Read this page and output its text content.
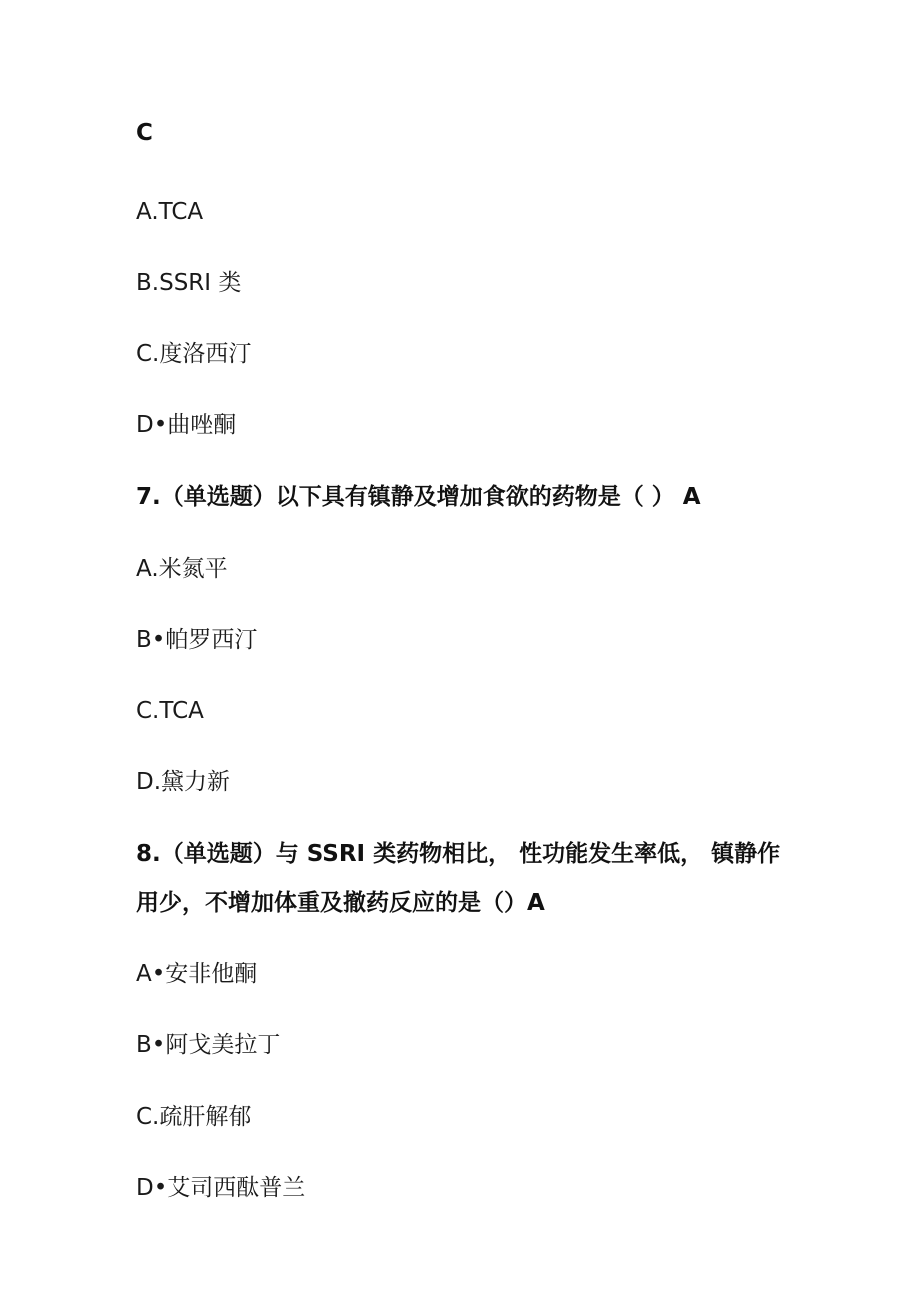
C
A.TCA
B.SSRI 类
C.度洛西汀
D•曲唑酮
7.（单选题）以下具有镇静及增加食欲的药物是（ ） A
A.米氮平
B•帕罗西汀
C.TCA
D.黛力新
8.（单选题）与 SSRI 类药物相比， 性功能发生率低， 镇静作
用少，不增加体重及撤药反应的是（）A
A•安非他酮
B•阿戈美拉丁
C.疏肝解郁
D•艾司西酞普兰
